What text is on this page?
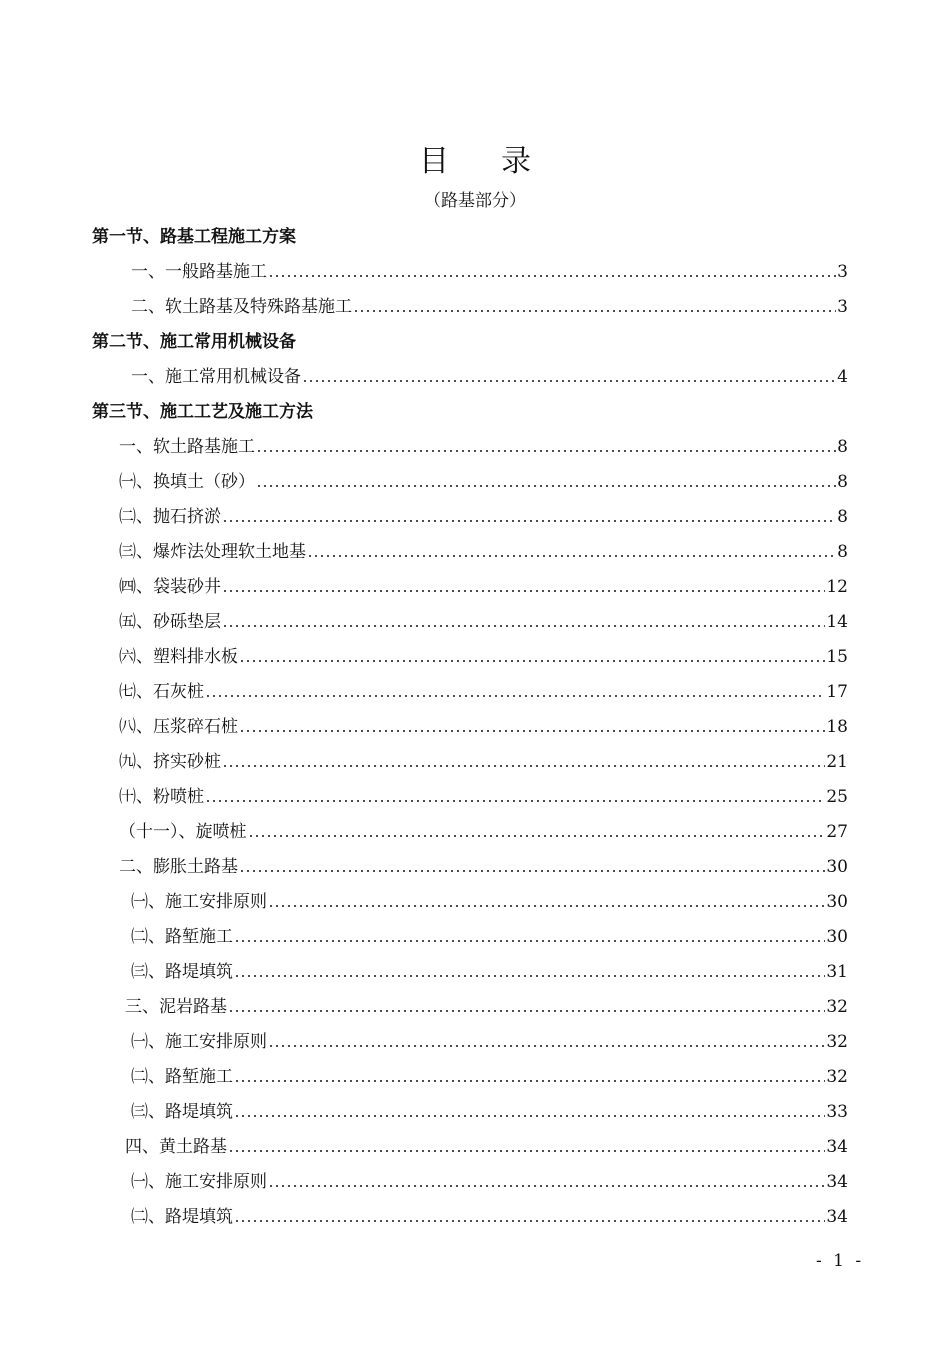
目 录
（路基部分）
第一节、路基工程施工方案
一、一般路基施工	3
二、软土路基及特殊路基施工	3
第二节、施工常用机械设备
一、施工常用机械设备	4
第三节、施工工艺及施工方法
一、软土路基施工	8
㈠、换填土（砂）	8
㈡、抛石挤淤	8
㈢、爆炸法处理软土地基	8
㈣、袋装砂井	12
㈤、砂砾垫层	14
㈥、塑料排水板	15
㈦、石灰桩	17
㈧、压浆碎石桩	18
㈨、挤实砂桩	21
㈩、粉喷桩	25
（十一）、旋喷桩	27
二、膨胀土路基	30
㈠、施工安排原则	30
㈡、路堑施工	30
㈢、路堤填筑	31
三、泥岩路基	32
㈠、施工安排原则	32
㈡、路堑施工	32
㈢、路堤填筑	33
四、黄土路基	34
㈠、施工安排原则	34
㈡、路堤填筑	34
- 1 -
